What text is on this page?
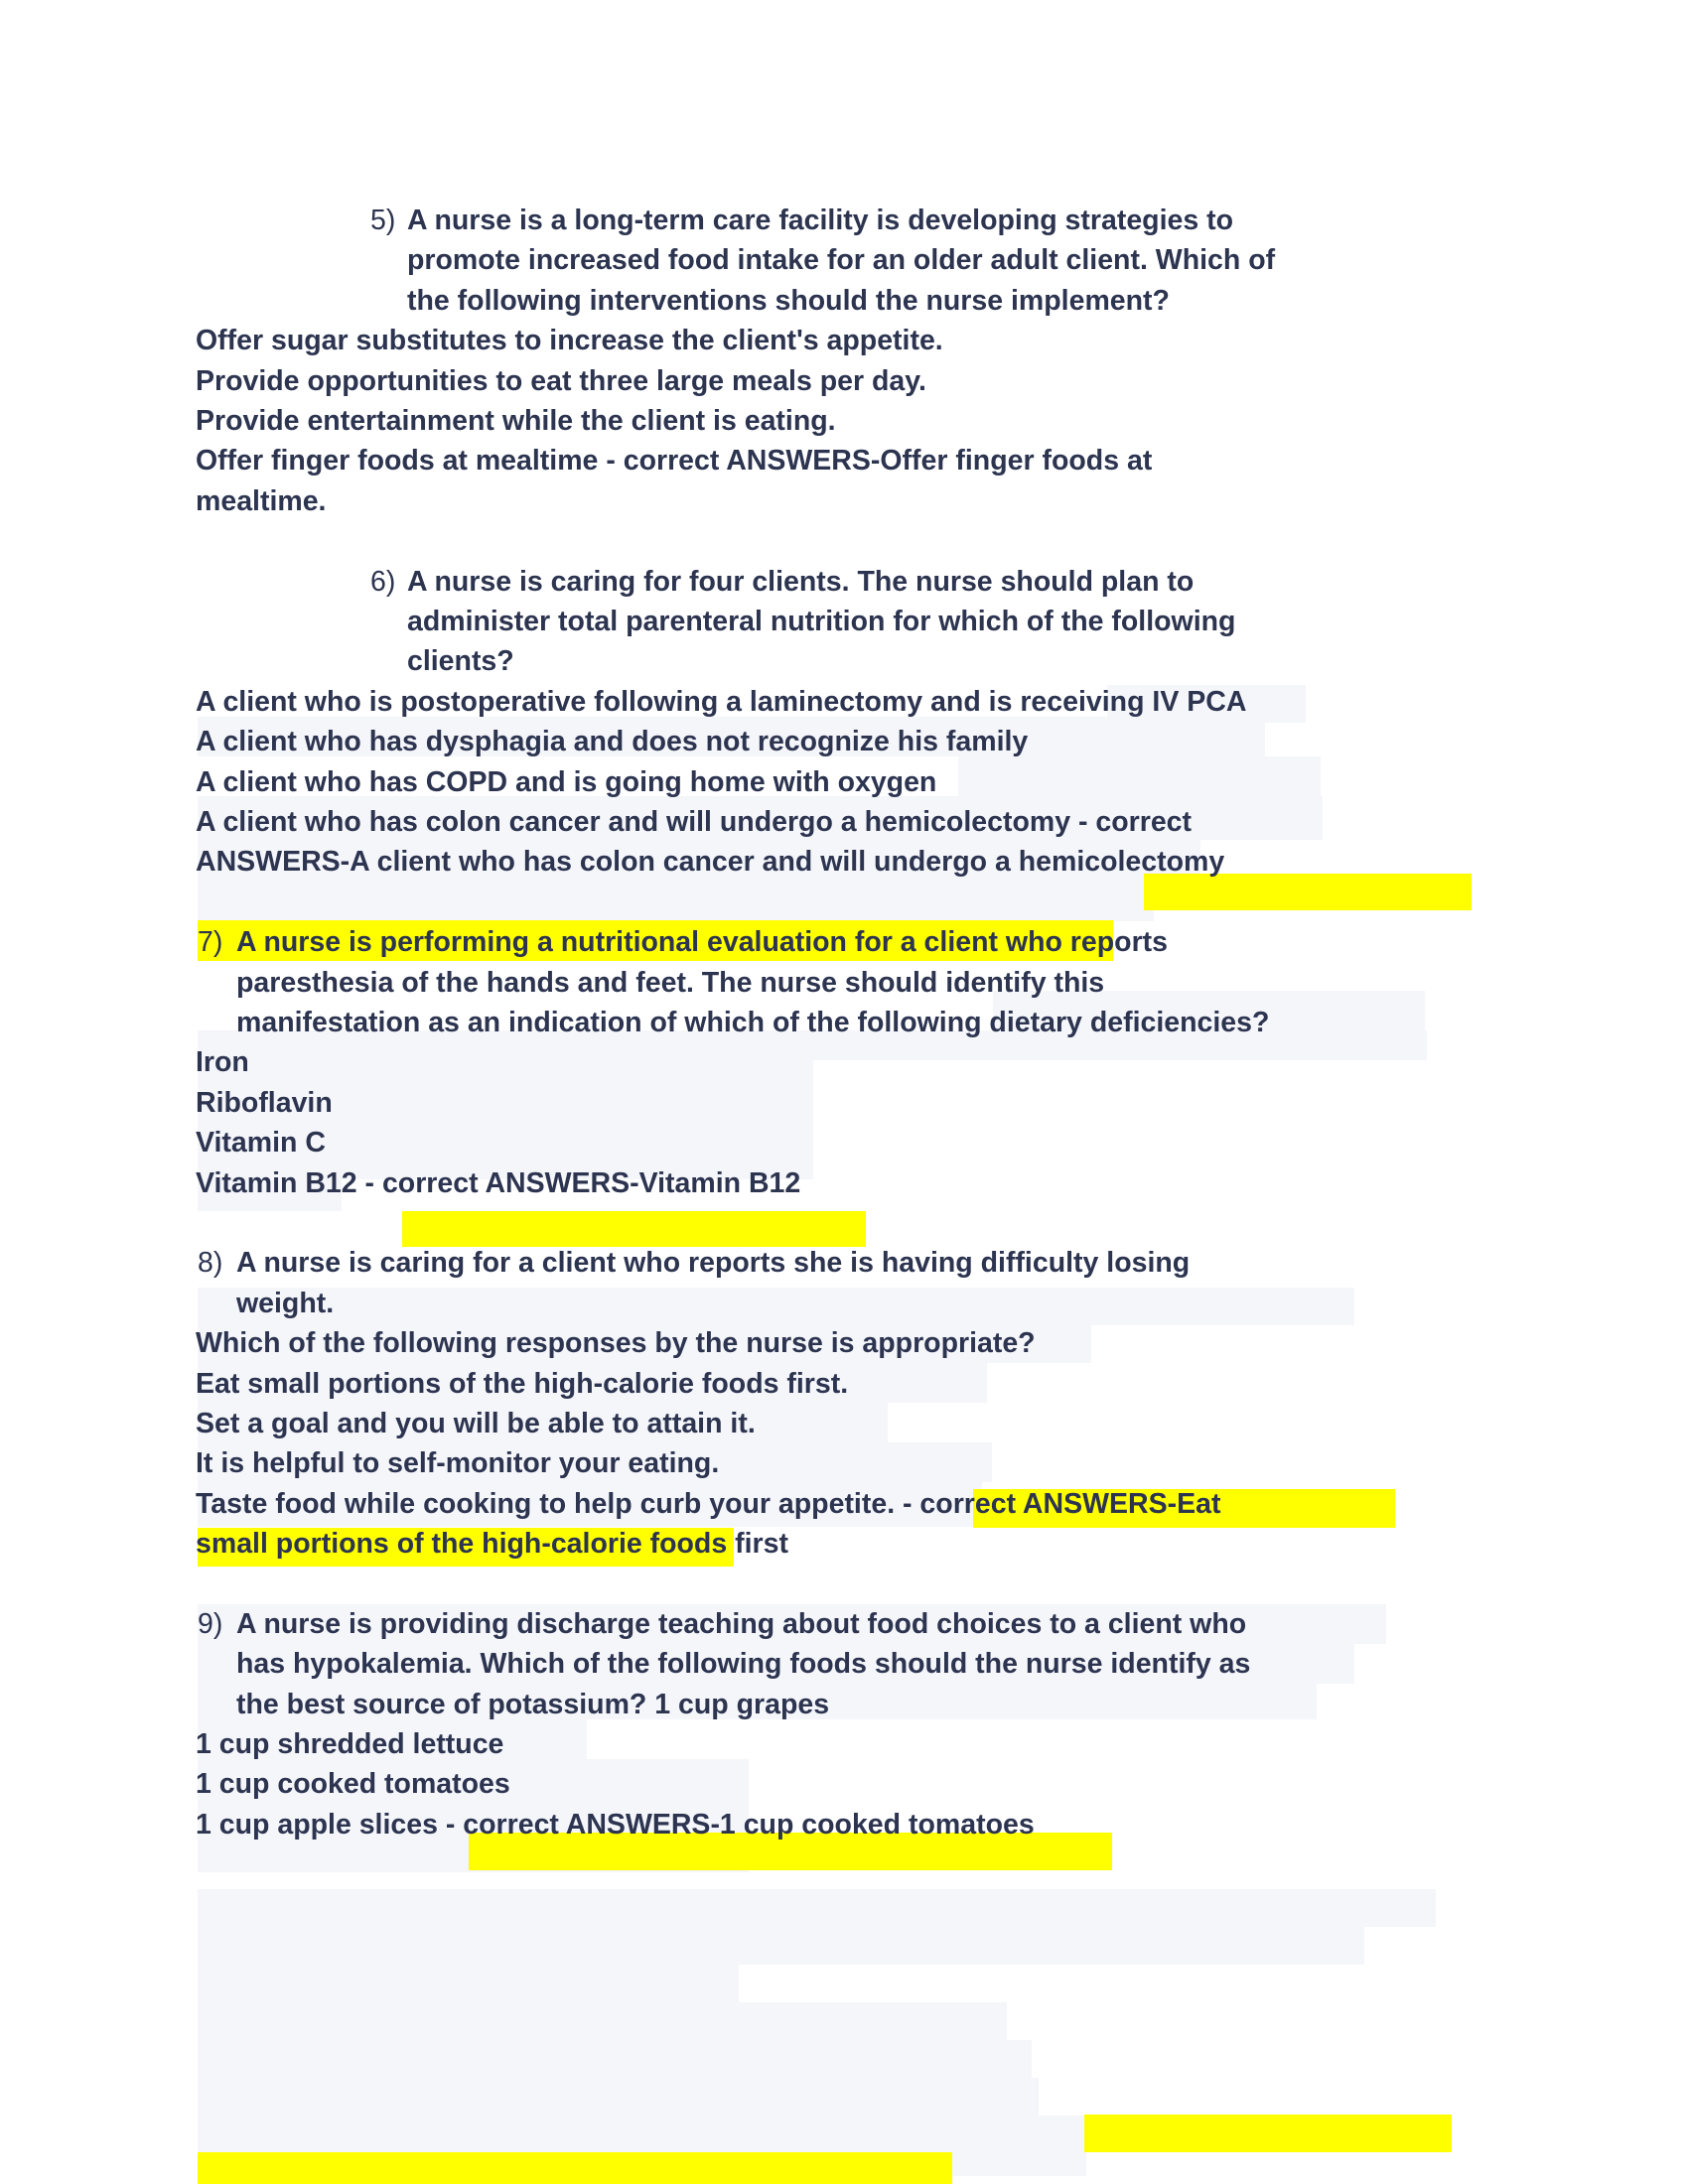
5) A nurse is a long-term care facility is developing strategies to
promote increased food intake for an older adult client. Which of
the following interventions should the nurse implement?
Offer sugar substitutes to increase the client's appetite.
Provide opportunities to eat three large meals per day.
Provide entertainment while the client is eating.
Offer finger foods at mealtime - correct ANSWERS-Offer finger foods at
mealtime.
6) A nurse is caring for four clients. The nurse should plan to
administer total parenteral nutrition for which of the following
clients?
A client who is postoperative following a laminectomy and is receiving IV PCA
A client who has dysphagia and does not recognize his family
A client who has COPD and is going home with oxygen
A client who has colon cancer and will undergo a hemicolectomy - correct
ANSWERS-A client who has colon cancer and will undergo a hemicolectomy
7) A nurse is performing a nutritional evaluation for a client who reports
paresthesia of the hands and feet. The nurse should identify this
manifestation as an indication of which of the following dietary deficiencies?
Iron
Riboflavin
Vitamin C
Vitamin B12 - correct ANSWERS-Vitamin B12
8) A nurse is caring for a client who reports she is having difficulty losing
weight.
Which of the following responses by the nurse is appropriate?
Eat small portions of the high-calorie foods first.
Set a goal and you will be able to attain it.
It is helpful to self-monitor your eating.
Taste food while cooking to help curb your appetite. - correct ANSWERS-Eat
small portions of the high-calorie foods first
9) A nurse is providing discharge teaching about food choices to a client who
has hypokalemia. Which of the following foods should the nurse identify as
the best source of potassium? 1 cup grapes
1 cup shredded lettuce
1 cup cooked tomatoes
1 cup apple slices - correct ANSWERS-1 cup cooked tomatoes
